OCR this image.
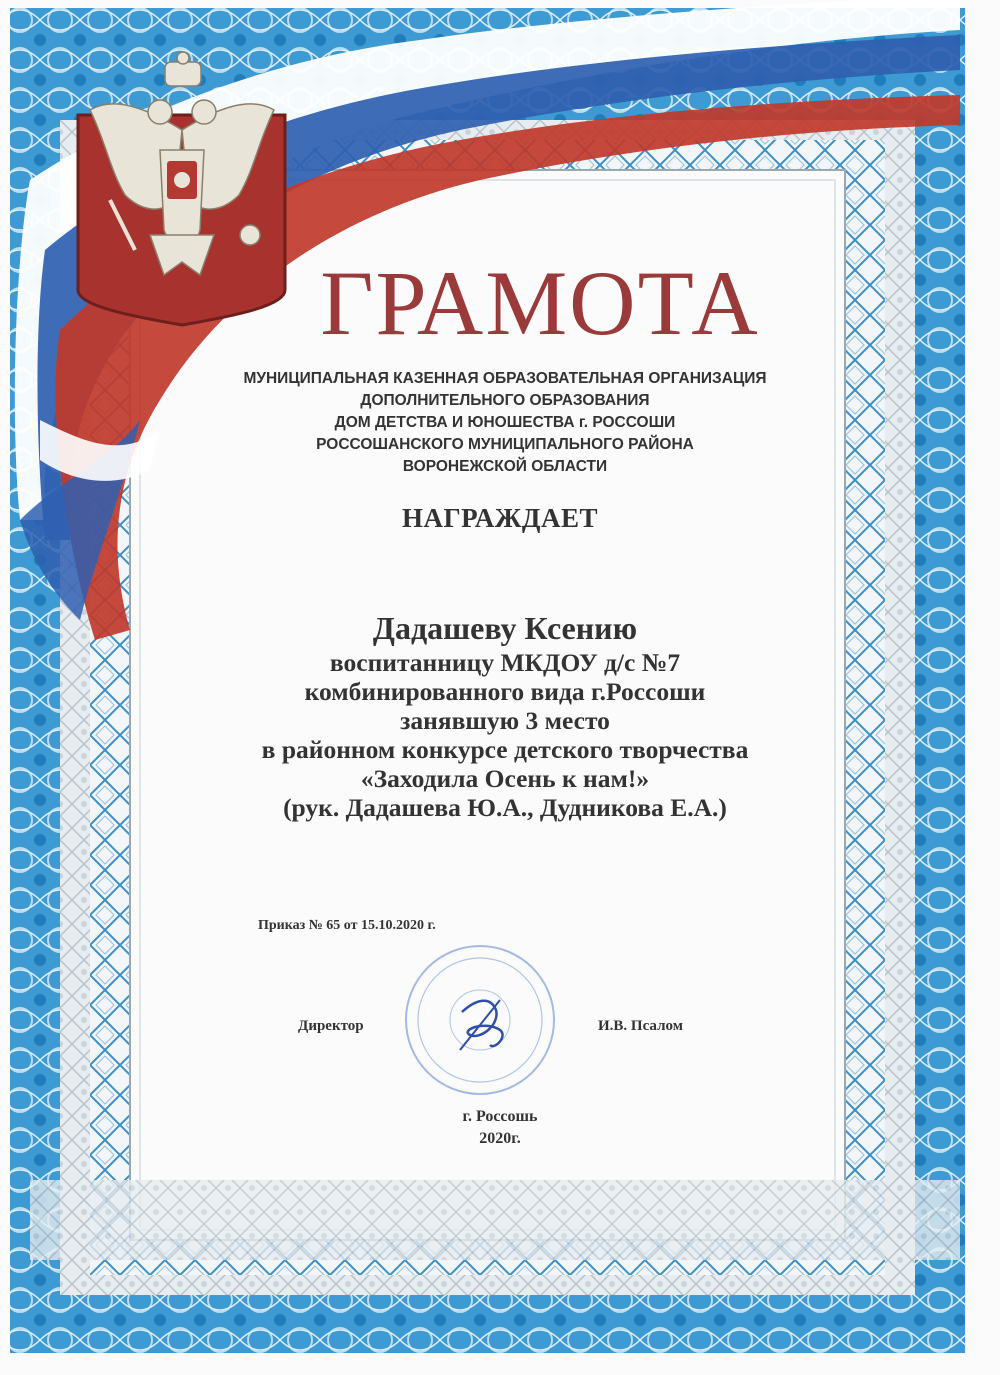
ГРАМОТА
МУНИЦИПАЛЬНАЯ КАЗЕННАЯ ОБРАЗОВАТЕЛЬНАЯ ОРГАНИЗАЦИЯ
ДОПОЛНИТЕЛЬНОГО ОБРАЗОВАНИЯ
ДОМ ДЕТСТВА И ЮНОШЕСТВА г. РОССОШИ
РОССОШАНСКОГО МУНИЦИПАЛЬНОГО РАЙОНА
ВОРОНЕЖСКОЙ ОБЛАСТИ
НАГРАЖДАЕТ
Дадашеву Ксению
воспитанницу МКДОУ д/с №7
комбинированного вида г.Россоши
занявшую 3 место
в районном конкурсе детского творчества
«Заходила Осень к нам!»
(рук. Дадашева Ю.А., Дудникова Е.А.)
Приказ № 65 от 15.10.2020 г.
Директор	И.В. Псалом
г. Россошь
2020г.
